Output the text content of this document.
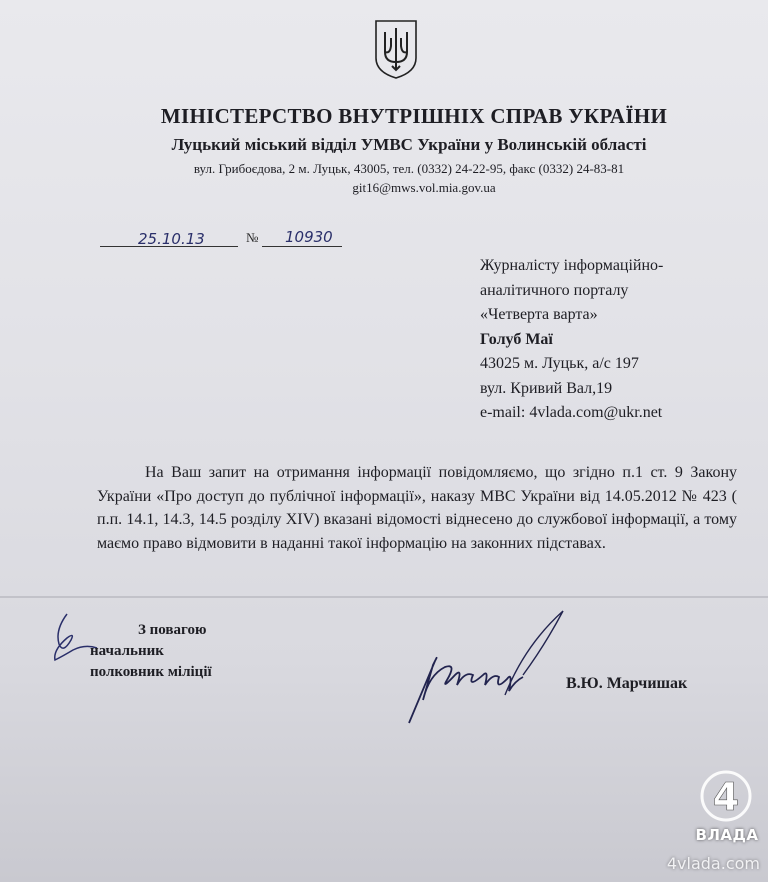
МІНІСТЕРСТВО ВНУТРІШНІХ СПРАВ УКРАЇНИ
Луцький міський відділ УМВС України у Волинській області
вул. Грибоєдова, 2 м. Луцьк, 43005, тел. (0332) 24-22-95, факс (0332) 24-83-81
git16@mws.vol.mia.gov.ua
25.10.13	№ 10930
Журналісту інформаційно-
аналітичного порталу
«Четверта варта»
Голуб Маї
43025 м. Луцьк, а/с 197
вул. Кривий Вал,19
e-mail: 4vlada.com@ukr.net
На Ваш запит на отримання інформації повідомляємо, що згідно п.1 ст. 9 Закону України «Про доступ до публічної інформації», наказу МВС України від 14.05.2012 № 423 ( п.п. 14.1, 14.3, 14.5 розділу XIV) вказані відомості віднесено до службової інформації, а тому маємо право відмовити в наданні такої інформацію на законних підставах.
З повагою
начальник
полковник міліції
В.Ю. Марчишак
4
ВЛАДА
4vlada.com
